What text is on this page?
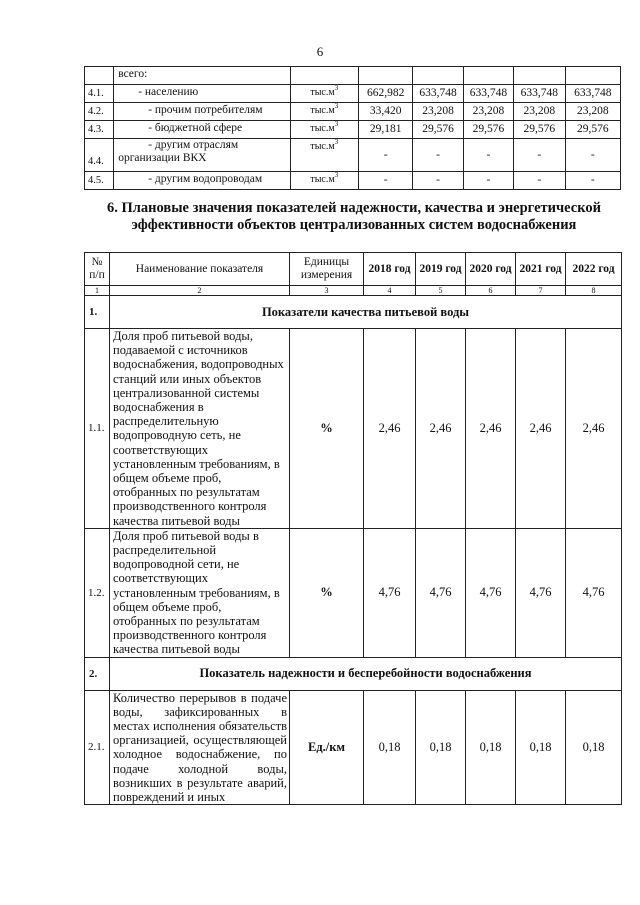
6
	всего:						
4.1.	- населению	$тыс.м^3$	662,982	633,748	633,748	633,748	633,748
4.2.	- прочим потребителям	$тыс.м^3$	33,420	23,208	23,208	23,208	23,208
4.3.	- бюджетной сфере	$тыс.м^3$	29,181	29,576	29,576	29,576	29,576
4.4.	- другим отраслям организации ВКХ	$тыс.м^3$	-	-	-	-	-
4.5.	- другим водопроводам	$тыс.м^3$	-	-	-	-	-
6. Плановые значения показателей надежности, качества и энергетической эффективности объектов централизованных систем водоснабжения
№ п/п	Наименование показателя	Единицы измерения	2018 год	2019 год	2020 год	2021 год	2022 год
1	2	3	4	5	6	7	8
1.	Показатели качества питьевой воды						
1.1.	Доля проб питьевой воды, подаваемой с источников водоснабжения, водопроводных станций или иных объектов централизованной системы водоснабжения в распределительную водопроводную сеть, не соответствующих установленным требованиям, в общем объеме проб, отобранных по результатам производственного контроля качества питьевой воды	%	2,46	2,46	2,46	2,46	2,46
1.2.	Доля проб питьевой воды в распределительной водопроводной сети, не соответствующих установленным требованиям, в общем объеме проб, отобранных по результатам производственного контроля качества питьевой воды	%	4,76	4,76	4,76	4,76	4,76
2.	Показатель надежности и бесперебойности водоснабжения						
2.1.	Количество перерывов в подаче воды, зафиксированных в местах исполнения обязательств организацией, осуществляющей холодное водоснабжение, по подаче холодной воды, возникших в результате аварий, повреждений и иных	Ед./км	0,18	0,18	0,18	0,18	0,18
